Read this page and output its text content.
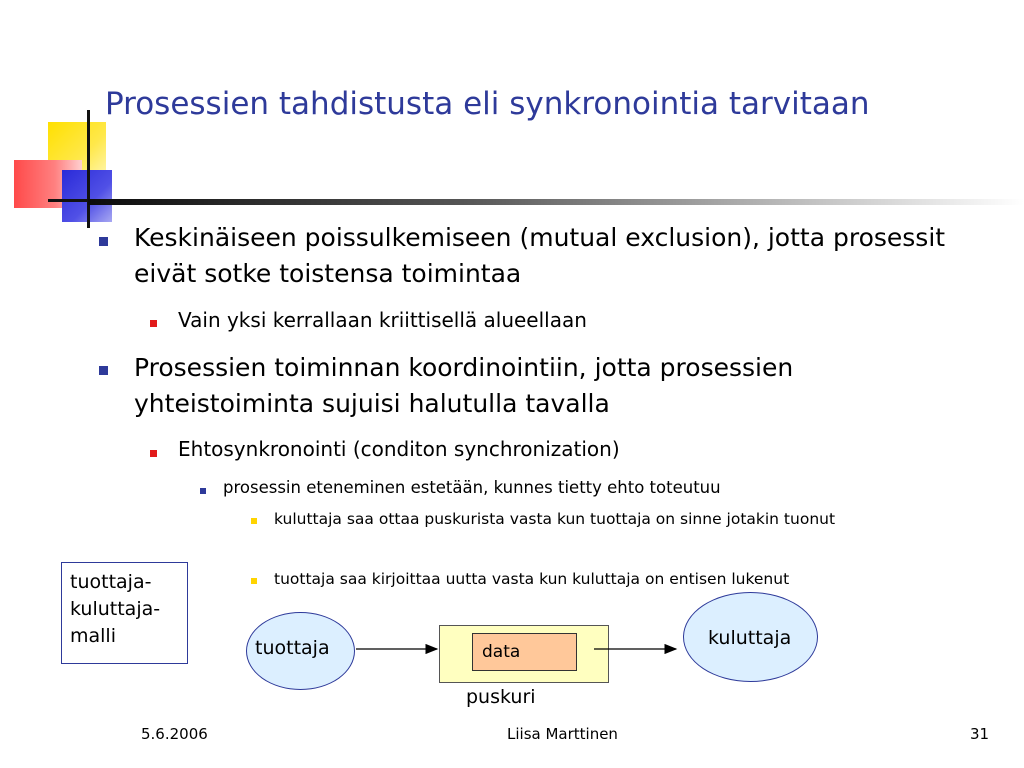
Prosessien tahdistusta eli synkronointia tarvitaan
Keskinäiseen poissulkemiseen (mutual exclusion), jotta prosessit eivät sotke toistensa toimintaa
Vain yksi kerrallaan kriittisellä alueellaan
Prosessien toiminnan koordinointiin, jotta prosessien yhteistoiminta sujuisi halutulla tavalla
Ehtosynkronointi (conditon synchronization)
prosessin eteneminen estetään, kunnes tietty ehto toteutuu
kuluttaja saa ottaa puskurista vasta kun tuottaja on sinne jotakin tuonut
tuottaja saa kirjoittaa uutta vasta kun kuluttaja on entisen lukenut
tuottaja-
kuluttaja-
malli
tuottaja	data
kuluttaja
puskuri
5.6.2006	Liisa Marttinen	31
